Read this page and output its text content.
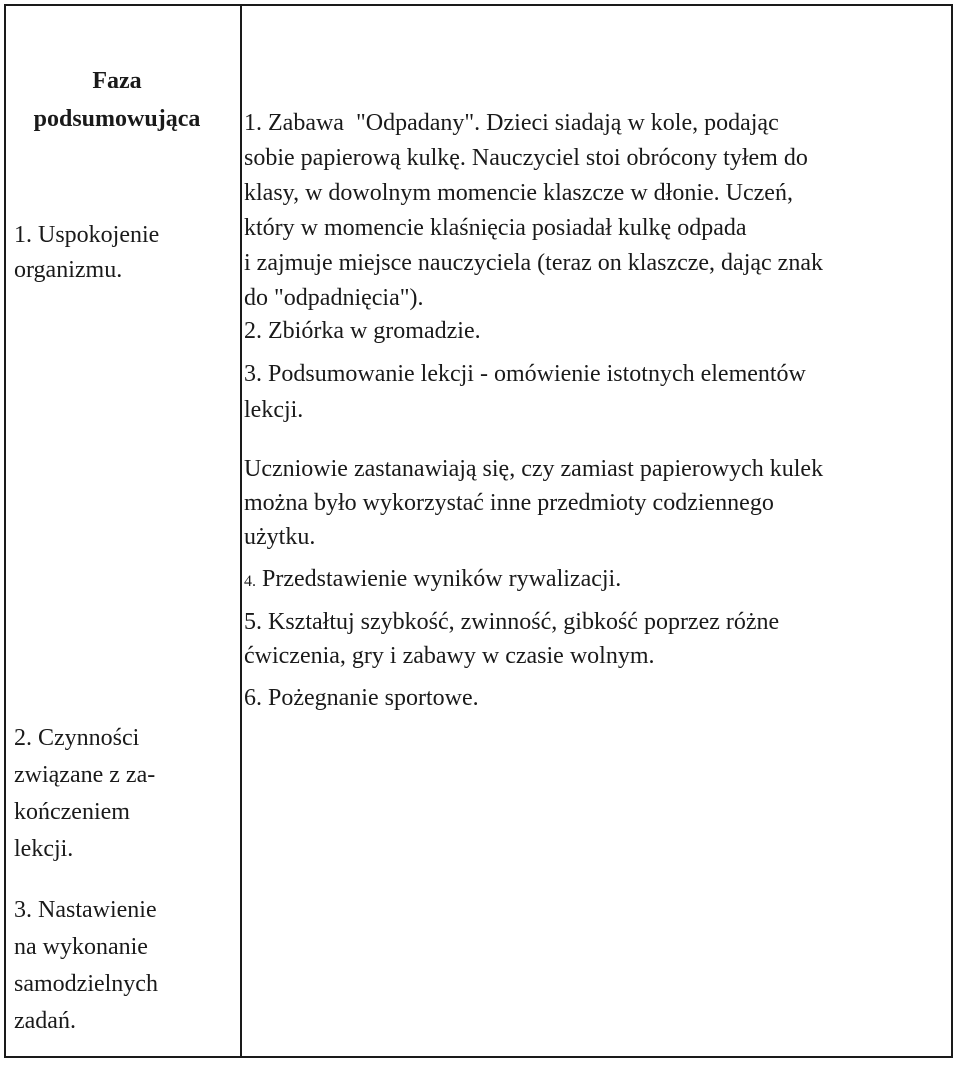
Faza
podsumowująca
1. Uspokojenie
organizmu.
2. Czynności
związane z za-
kończeniem
lekcji.
3. Nastawienie
na wykonanie
samodzielnych
zadań.
1. Zabawa  "Odpadany". Dzieci siadają w kole, podając
sobie papierową kulkę. Nauczyciel stoi obrócony tyłem do
klasy, w dowolnym momencie klaszcze w dłonie. Uczeń,
który w momencie klaśnięcia posiadał kulkę odpada
i zajmuje miejsce nauczyciela (teraz on klaszcze, dając znak
do "odpadnięcia").
2. Zbiórka w gromadzie.
3. Podsumowanie lekcji - omówienie istotnych elementów
lekcji.
Uczniowie zastanawiają się, czy zamiast papierowych kulek
można było wykorzystać inne przedmioty codziennego
użytku.
4. Przedstawienie wyników rywalizacji.
5. Kształtuj szybkość, zwinność, gibkość poprzez różne
ćwiczenia, gry i zabawy w czasie wolnym.
6. Pożegnanie sportowe.
